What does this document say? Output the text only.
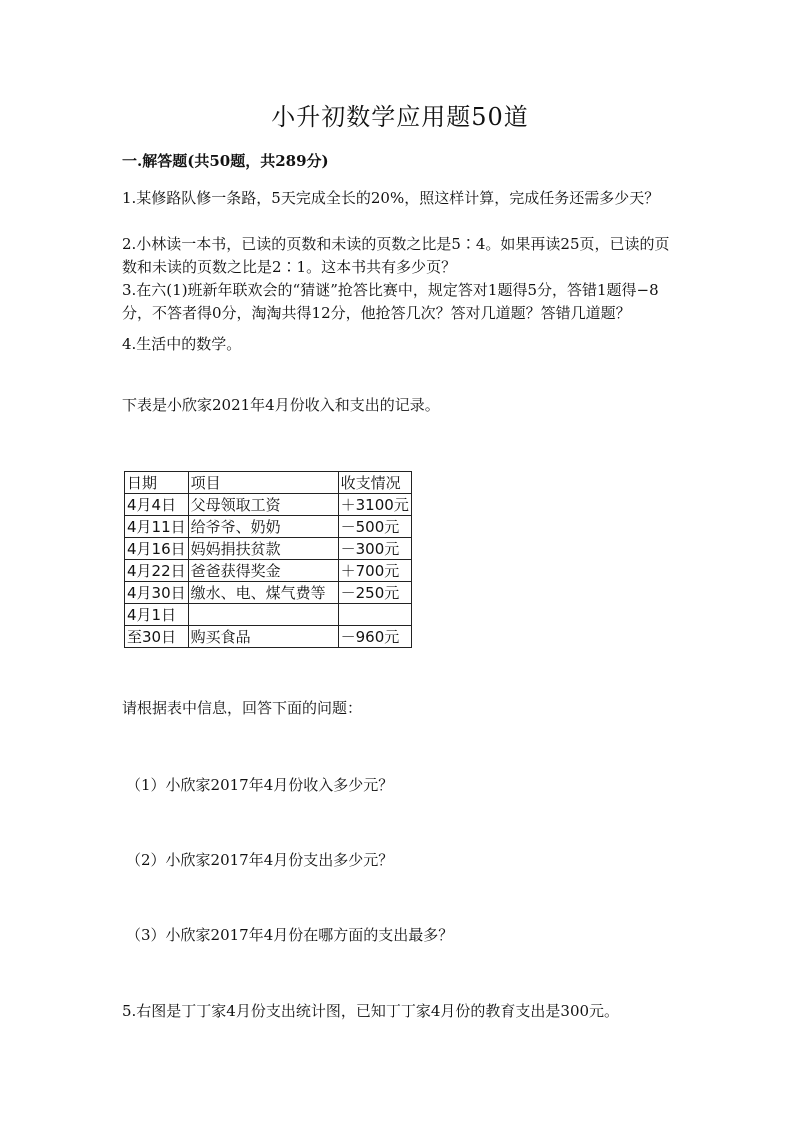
小升初数学应用题50道
一.解答题(共50题，共289分)
1.某修路队修一条路，5天完成全长的20%，照这样计算，完成任务还需多少天？
2.小林读一本书，已读的页数和未读的页数之比是5∶4。如果再读25页，已读的页数和未读的页数之比是2∶1。这本书共有多少页？
3.在六(1)班新年联欢会的“猜谜”抢答比赛中，规定答对1题得5分，答错1题得−8分，不答者得0分，淘淘共得12分，他抢答几次？答对几道题？答错几道题？
4.生活中的数学。
下表是小欣家2021年4月份收入和支出的记录。
日期	项目	收支情况
4月4日	父母领取工资	＋3100元
4月11日	给爷爷、奶奶	－500元
4月16日	妈妈捐扶贫款	－300元
4月22日	爸爸获得奖金	＋700元
4月30日	缴水、电、煤气费等	－250元
4月1日		
至30日	购买食品	－960元
请根据表中信息，回答下面的问题：
（1）小欣家2017年4月份收入多少元？
（2）小欣家2017年4月份支出多少元？
（3）小欣家2017年4月份在哪方面的支出最多？
5.右图是丁丁家4月份支出统计图，已知丁丁家4月份的教育支出是300元。
